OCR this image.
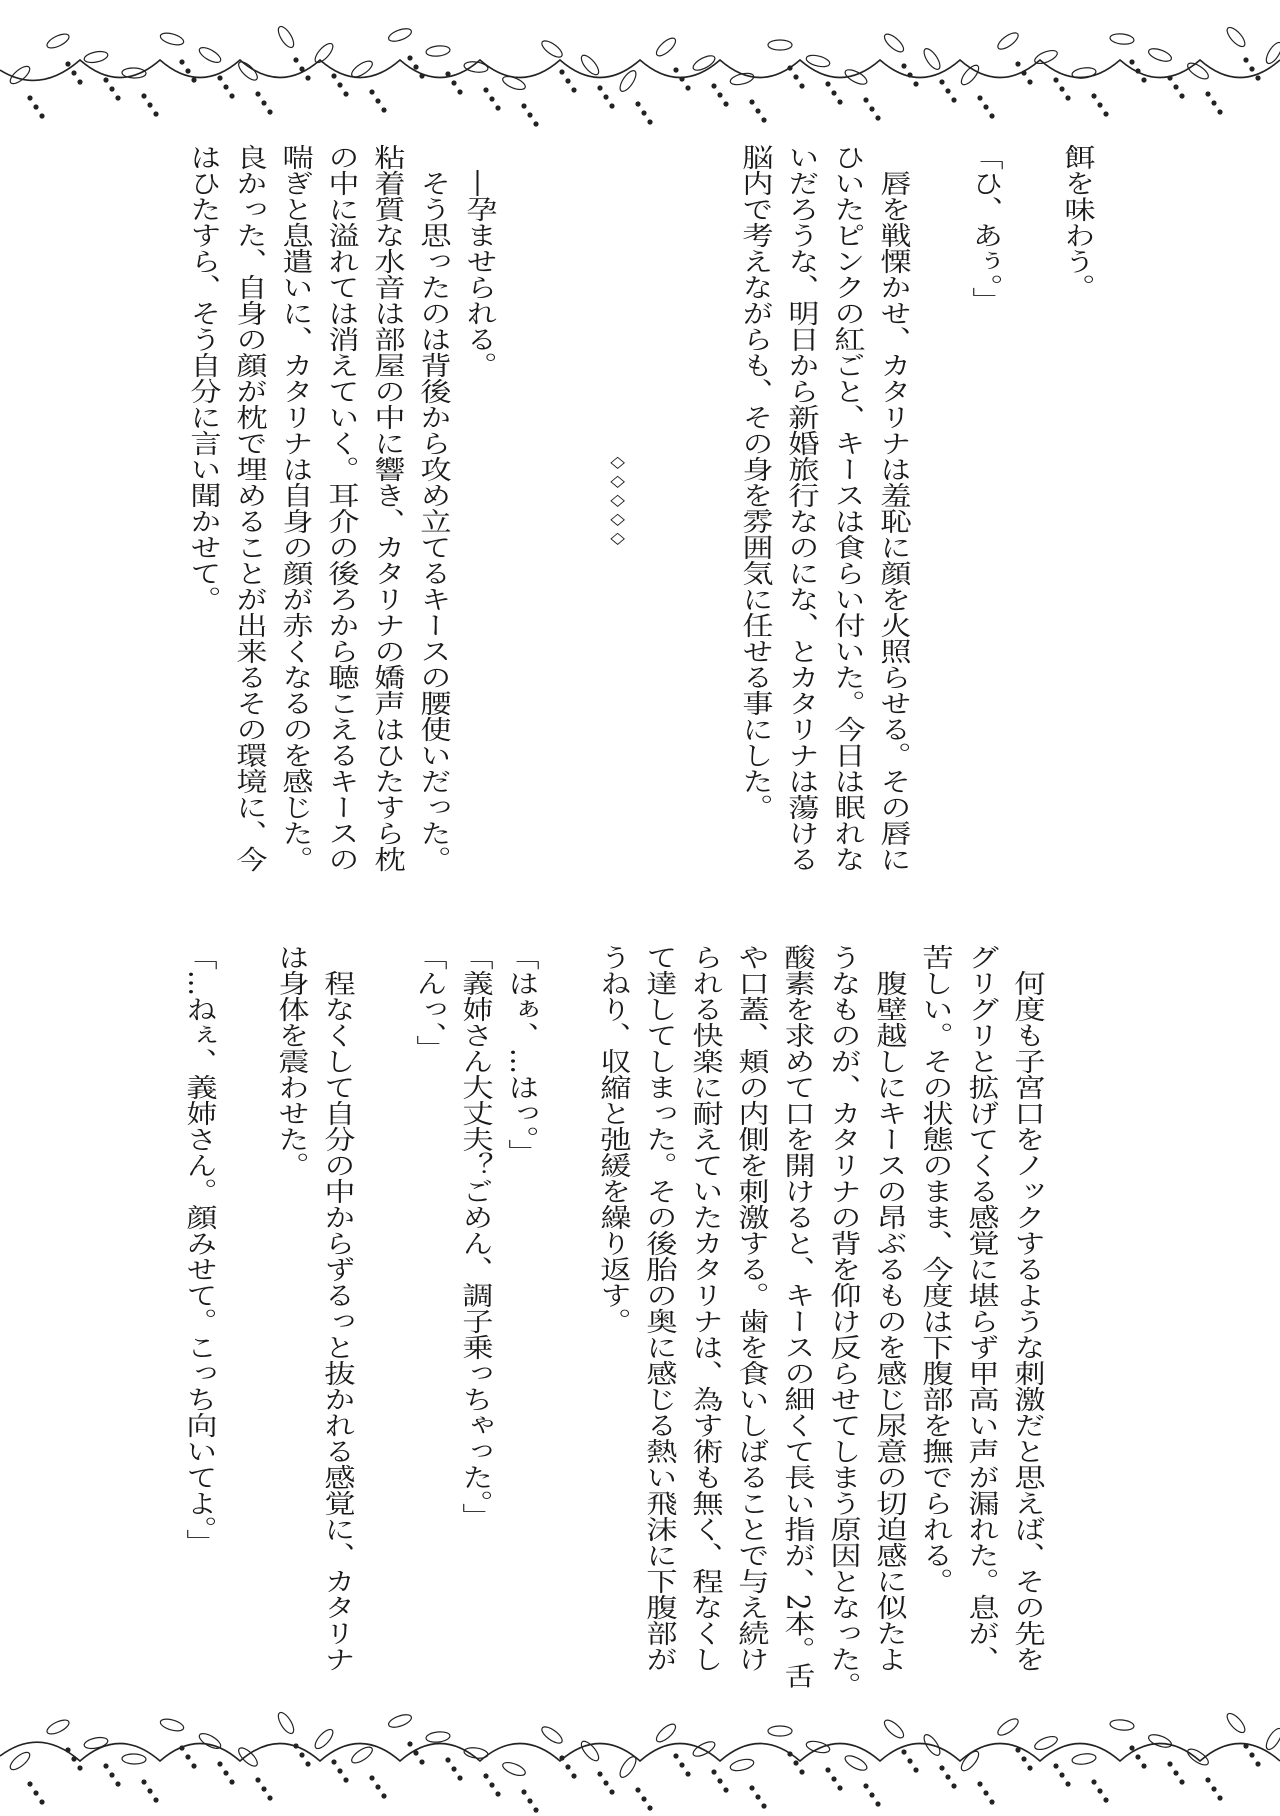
餌を味わう。
「ひ、あぅ。」
　唇を戦慄かせ、カタリナは羞恥に顔を火照らせる。その唇に
ひいたピンクの紅ごと、キースは食らい付いた。今日は眠れな
いだろうな、明日から新婚旅行なのにな、とカタリナは蕩ける
脳内で考えながらも、その身を雰囲気に任せる事にした。
◇◇◇◇◇
　―孕ませられる。
　そう思ったのは背後から攻め立てるキースの腰使いだった。
粘着質な水音は部屋の中に響き、カタリナの嬌声はひたすら枕
の中に溢れては消えていく。耳介の後ろから聴こえるキースの
喘ぎと息遣いに、カタリナは自身の顔が赤くなるのを感じた。
良かった、自身の顔が枕で埋めることが出来るその環境に、今
はひたすら、そう自分に言い聞かせて。
　何度も子宮口をノックするような刺激だと思えば、その先を
グリグリと拡げてくる感覚に堪らず甲高い声が漏れた。息が、
苦しい。その状態のまま、今度は下腹部を撫でられる。
　腹壁越しにキースの昂ぶるものを感じ尿意の切迫感に似たよ
うなものが、カタリナの背を仰け反らせてしまう原因となった。
酸素を求めて口を開けると、キースの細くて長い指が、2本。舌
や口蓋、頬の内側を刺激する。歯を食いしばることで与え続け
られる快楽に耐えていたカタリナは、為す術も無く、程なくし
て達してしまった。その後胎の奥に感じる熱い飛沫に下腹部が
うねり、収縮と弛緩を繰り返す。
「はぁ、…はっ。」
「義姉さん大丈夫？ごめん、調子乗っちゃった。」
「んっ、」
　程なくして自分の中からずるっと抜かれる感覚に、カタリナ
は身体を震わせた。
「…ねぇ、義姉さん。顔みせて。こっち向いてよ。」
